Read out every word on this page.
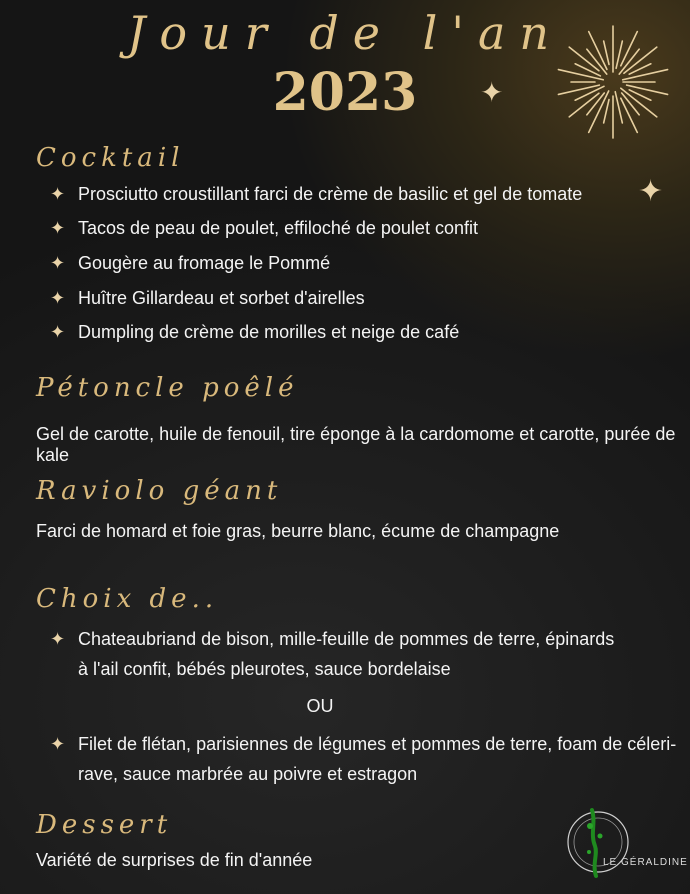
✦
✦
Jour de l'an
2023
Cocktail
✦ Prosciutto croustillant farci de crème de basilic et gel de tomate
✦ Tacos de peau de poulet, effiloché de poulet confit
✦ Gougère au fromage le Pommé
✦ Huître Gillardeau et sorbet d'airelles
✦ Dumpling de crème de morilles et neige de café
Pétoncle poêlé
Gel de carotte, huile de fenouil, tire éponge à la cardomome et carotte, purée de kale
Raviolo géant
Farci de homard et foie gras, beurre blanc, écume de champagne
Choix de..
✦ Chateaubriand de bison, mille-feuille de pommes de terre, épinards à l'ail confit, bébés pleurotes, sauce bordelaise
OU
✦ Filet de flétan, parisiennes de légumes et pommes de terre, foam de céleri-rave, sauce marbrée au poivre et estragon
Dessert
Variété de surprises de fin d'année	LE GÉRALDINE
